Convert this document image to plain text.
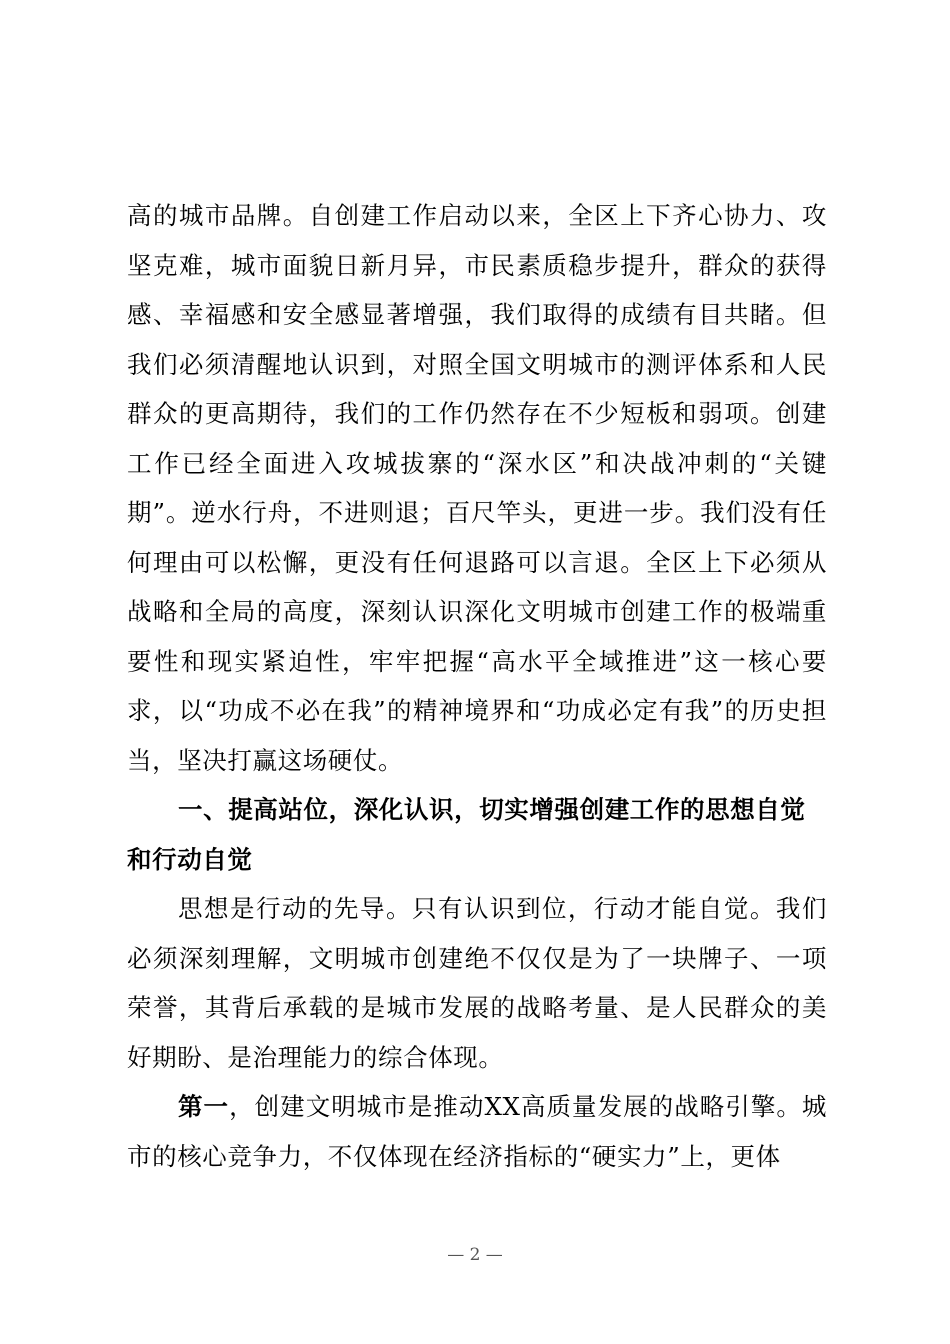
高的城市品牌。自创建工作启动以来，全区上下齐心协力、攻坚克难，城市面貌日新月异，市民素质稳步提升，群众的获得感、幸福感和安全感显著增强，我们取得的成绩有目共睹。但我们必须清醒地认识到，对照全国文明城市的测评体系和人民群众的更高期待，我们的工作仍然存在不少短板和弱项。创建工作已经全面进入攻城拔寨的“深水区”和决战冲刺的“关键期”。逆水行舟，不进则退；百尺竿头，更进一步。我们没有任何理由可以松懈，更没有任何退路可以言退。全区上下必须从战略和全局的高度，深刻认识深化文明城市创建工作的极端重要性和现实紧迫性，牢牢把握“高水平全域推进”这一核心要求，以“功成不必在我”的精神境界和“功成必定有我”的历史担当，坚决打赢这场硬仗。

一、提高站位，深化认识，切实增强创建工作的思想自觉和行动自觉

思想是行动的先导。只有认识到位，行动才能自觉。我们必须深刻理解，文明城市创建绝不仅仅是为了一块牌子、一项荣誉，其背后承载的是城市发展的战略考量、是人民群众的美好期盼、是治理能力的综合体现。

第一，创建文明城市是推动XX高质量发展的战略引擎。城市的核心竞争力，不仅体现在经济指标的“硬实力”上，更体

— 2 —
